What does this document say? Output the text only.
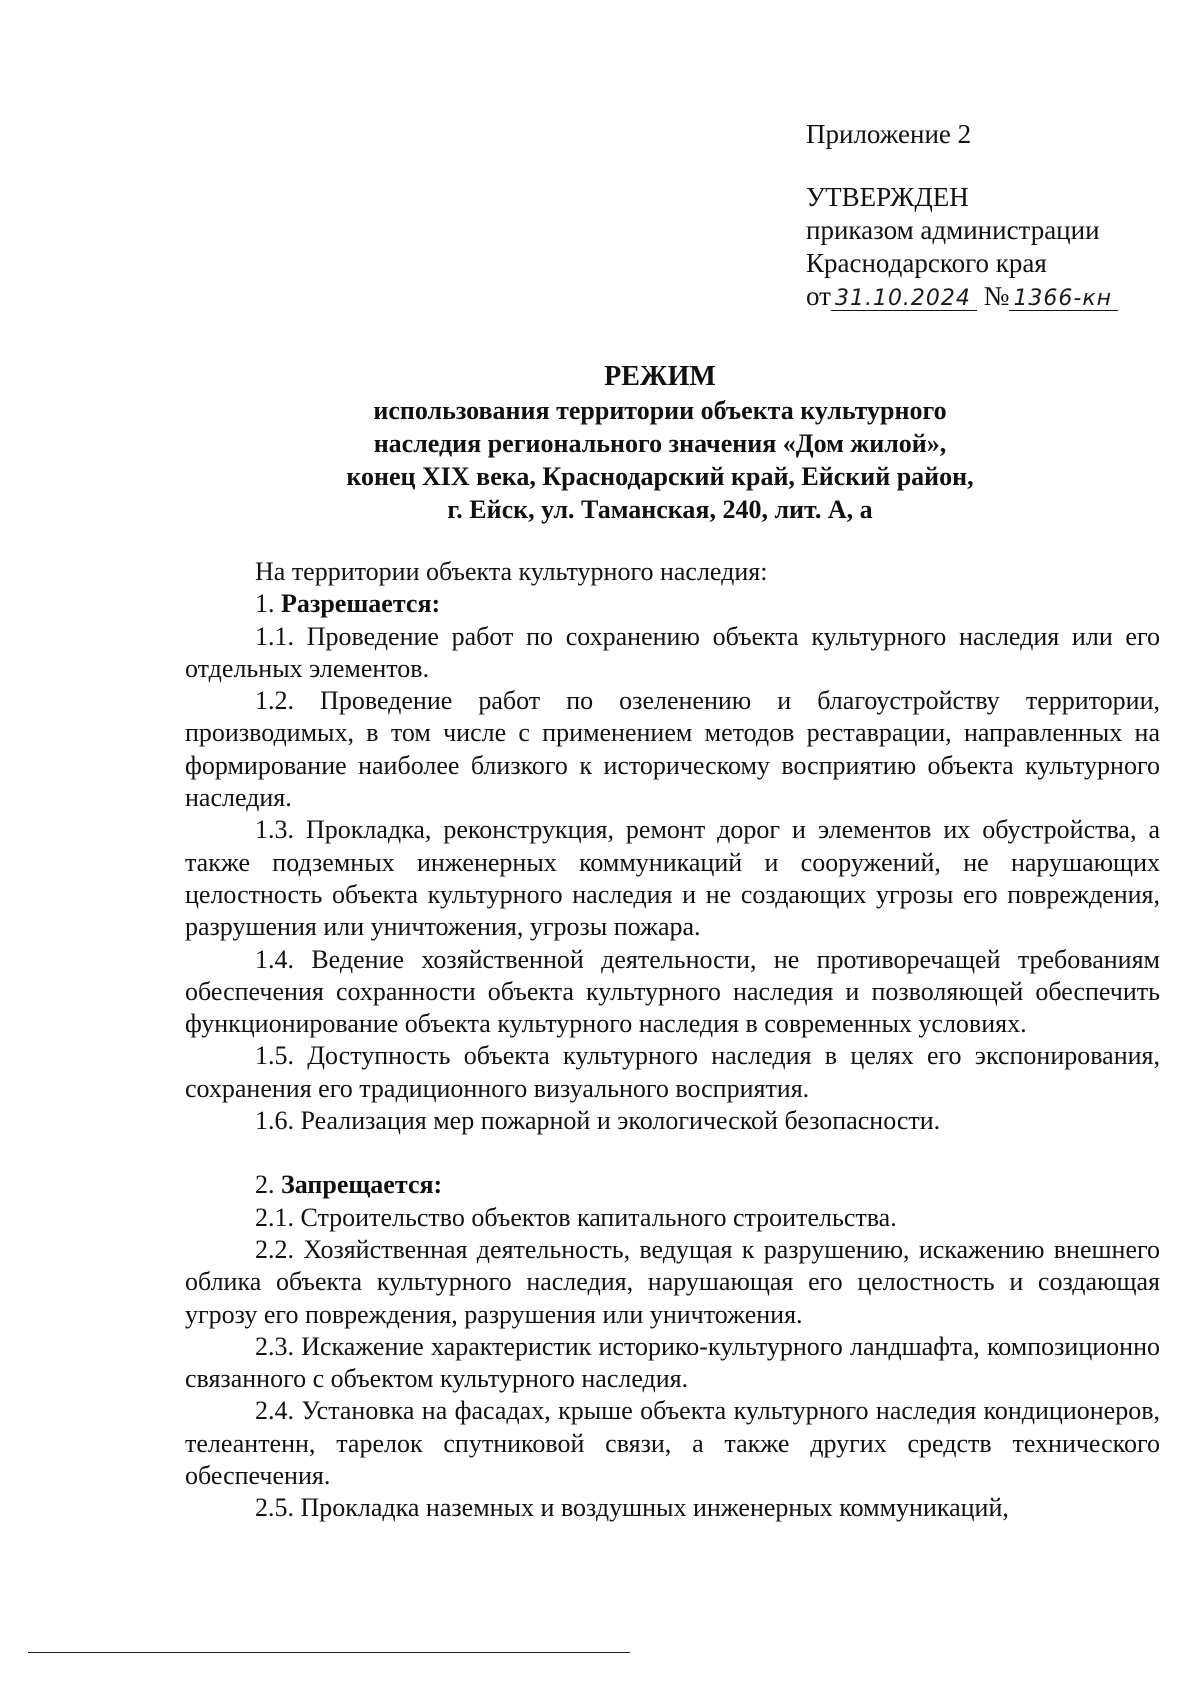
Приложение 2
УТВЕРЖДЕН
приказом администрации
Краснодарского края
от 31.10.2024 № 1366-кн
РЕЖИМ
использования территории объекта культурного
наследия регионального значения «Дом жилой»,
конец XIX века, Краснодарский край, Ейский район,
г. Ейск, ул. Таманская, 240, лит. А, а

На территории объекта культурного наследия:

1. Разрешается:

1.1. Проведение работ по сохранению объекта культурного наследия или его отдельных элементов.

1.2. Проведение работ по озеленению и благоустройству территории, производимых, в том числе с применением методов реставрации, направленных на формирование наиболее близкого к историческому восприятию объекта культурного наследия.

1.3. Прокладка, реконструкция, ремонт дорог и элементов их обустройства, а также подземных инженерных коммуникаций и сооружений, не нарушающих целостность объекта культурного наследия и не создающих угрозы его повреждения, разрушения или уничтожения, угрозы пожара.

1.4. Ведение хозяйственной деятельности, не противоречащей требованиям обеспечения сохранности объекта культурного наследия и позволяющей обеспечить функционирование объекта культурного наследия в современных условиях.

1.5. Доступность объекта культурного наследия в целях его экспонирования, сохранения его традиционного визуального восприятия.

1.6. Реализация мер пожарной и экологической безопасности.

2. Запрещается:

2.1. Строительство объектов капитального строительства.

2.2. Хозяйственная деятельность, ведущая к разрушению, искажению внешнего облика объекта культурного наследия, нарушающая его целостность и создающая угрозу его повреждения, разрушения или уничтожения.

2.3. Искажение характеристик историко-культурного ландшафта, композиционно связанного с объектом культурного наследия.

2.4. Установка на фасадах, крыше объекта культурного наследия кондиционеров, телеантенн, тарелок спутниковой связи, а также других средств технического обеспечения.

2.5. Прокладка наземных и воздушных инженерных коммуникаций,
